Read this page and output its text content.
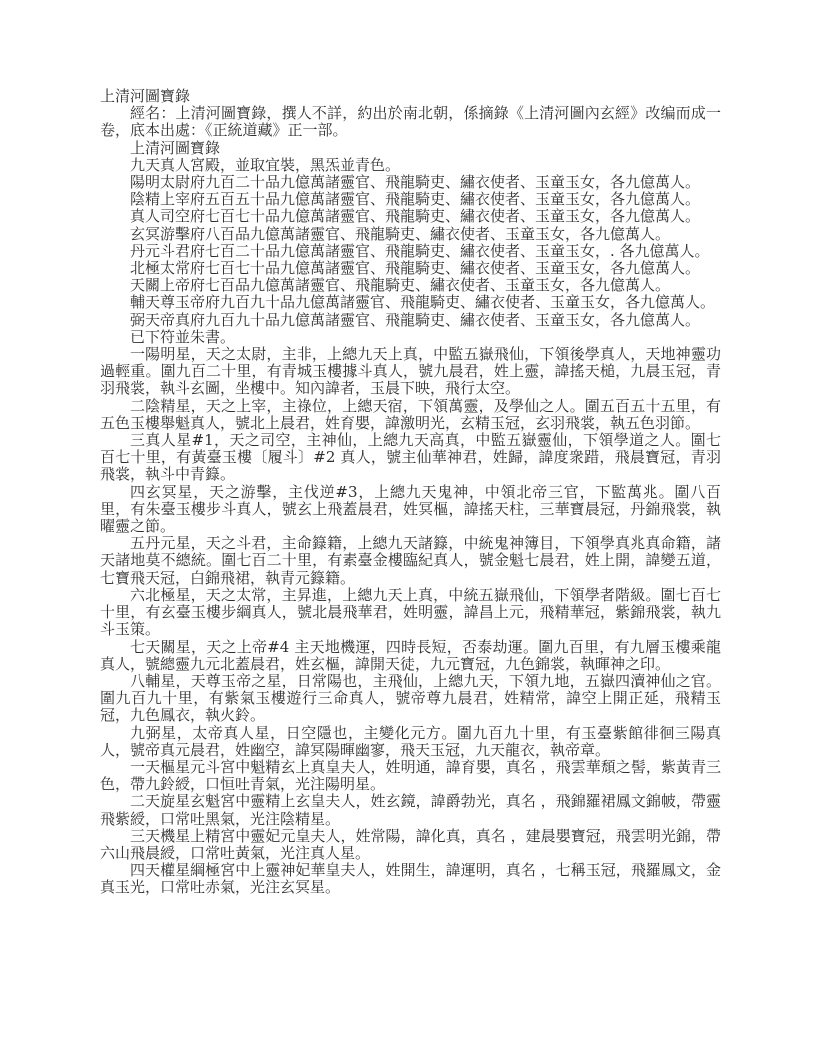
上清河圖寶錄

經名：上清河圖寶錄，撰人不詳，約出於南北朝，係摘錄《上清河圖內玄經》改编而成一卷，底本出處：《正統道藏》正一部。

上清河圖寶錄

九天真人宮殿，並取宜裝，黑炁並青色。

陽明太尉府九百二十品九億萬諸靈官、飛龍騎吏、繡衣使者、玉童玉女，各九億萬人。

陰精上宰府五百五十品九億萬諸靈官、飛龍騎吏、繡衣使者、玉童玉女，各九億萬人。

真人司空府七百七十品九億萬諸靈官、飛龍騎吏、繡衣使者、玉童玉女，各九億萬人。

玄冥游擊府八百品九億萬諸靈官、飛龍騎吏、繡衣使者、玉童玉女，各九億萬人。

丹元斗君府七百二十品九億萬諸靈官、飛龍騎吏、繡衣使者、玉童玉女，. 各九億萬人。

北極太常府七百七十品九億萬諸靈官、飛龍騎吏、繡衣使者、玉童玉女，各九億萬人。

天關上帝府七百品九億萬諸靈官、飛龍騎吏、繡衣使者、玉童玉女，各九億萬人。

輔天尊玉帝府九百九十品九億萬諸靈官、飛龍騎吏、繡衣使者、玉童玉女，各九億萬人。

弼天帝真府九百九十品九億萬諸靈官、飛龍騎吏、繡衣使者、玉童玉女，各九億萬人。

已下符並朱書。

一陽明星，天之太尉，主非，上總九天上真，中監五嶽飛仙，下領後學真人，天地神靈功過輕重。圍九百二十里，有青城玉樓據斗真人，號九晨君，姓上靈，諱搖天槌，九晨玉冠，青羽飛裳，執斗玄圖，坐樓中。知內諱者，玉晨下映，飛行太空。

二陰精星，天之上宰，主祿位，上總天宿，下領萬靈，及學仙之人。圍五百五十五里，有五色玉樓舉魁真人，號北上晨君，姓育嬰，諱激明光，玄精玉冠，玄羽飛裳，執五色羽節。

三真人星#1，天之司空，主神仙，上總九天高真，中監五嶽靈仙，下領學道之人。圍七百七十里，有黃臺玉樓〔履斗〕#2 真人，號主仙華神君，姓歸，諱度衆踖，飛晨寶冠，青羽飛裳，執斗中青籙。

四玄冥星，天之游擊，主伐逆#3，上總九天鬼神，中領北帝三官，下監萬兆。圍八百里，有朱臺玉樓步斗真人，號玄上飛蓋晨君，姓冥樞，諱搖天柱，三華寶晨冠，丹錦飛裳，執曜靈之節。

五丹元星，天之斗君，主命籙籍，上總九天諸籙，中統鬼神簿目，下領學真兆真命籍，諸天諸地莫不總統。圍七百二十里，有素臺金樓臨紀真人，號金魁七晨君，姓上開，諱變五道，七寶飛天冠，白錦飛裙，執青元籙籍。

六北極星，天之太常，主昇進，上總九天上真，中統五嶽飛仙，下領學者階級。圍七百七十里，有玄臺玉樓步綱真人，號北晨飛華君，姓明靈，諱昌上元，飛精華冠，紫錦飛裳，執九斗玉策。

七天關星，天之上帝#4 主天地機運，四時長短，否泰劫運。圍九百里，有九層玉樓乘龍真人，號總靈九元北蓋晨君，姓玄樞，諱開天徒，九元寶冠，九色錦裳，執暉神之印。

八輔星，天尊玉帝之星，日常陽也，主飛仙，上總九天，下領九地，五嶽四瀆神仙之官。圍九百九十里，有紫氣玉樓遊行三命真人，號帝尊九晨君，姓精常，諱空上開正延，飛精玉冠，九色鳳衣，執火鈴。

九弼星，太帝真人星，日空隱也，主變化元方。圍九百九十里，有玉臺紫館徘徊三陽真人，號帝真元晨君，姓幽空，諱冥陽暉幽寥，飛天玉冠，九天龍衣，執帝章。

一天樞星元斗宮中魁精玄上真皇夫人，姓明通，諱育嬰，真名 ，飛雲華頹之髻，紫黃青三色，帶九鈴綬，口恒吐青氣，光注陽明星。

二天旋星玄魁宮中靈精上玄皇夫人，姓玄鏡，諱爵勃光，真名 ，飛錦羅裙鳳文錦帔，帶靈飛紫綬，口常吐黑氣，光注陰精星。

三天機星上精宮中靈妃元皇夫人，姓常陽，諱化真，真名 ，建晨嬰寶冠，飛雲明光錦，帶六山飛晨綬，口常吐黃氣，光注真人星。

四天權星綱極宮中上靈神妃華皇夫人，姓開生，諱運明，真名 ，七稱玉冠，飛羅鳳文，金真玉光，口常吐赤氣，光注玄冥星。
